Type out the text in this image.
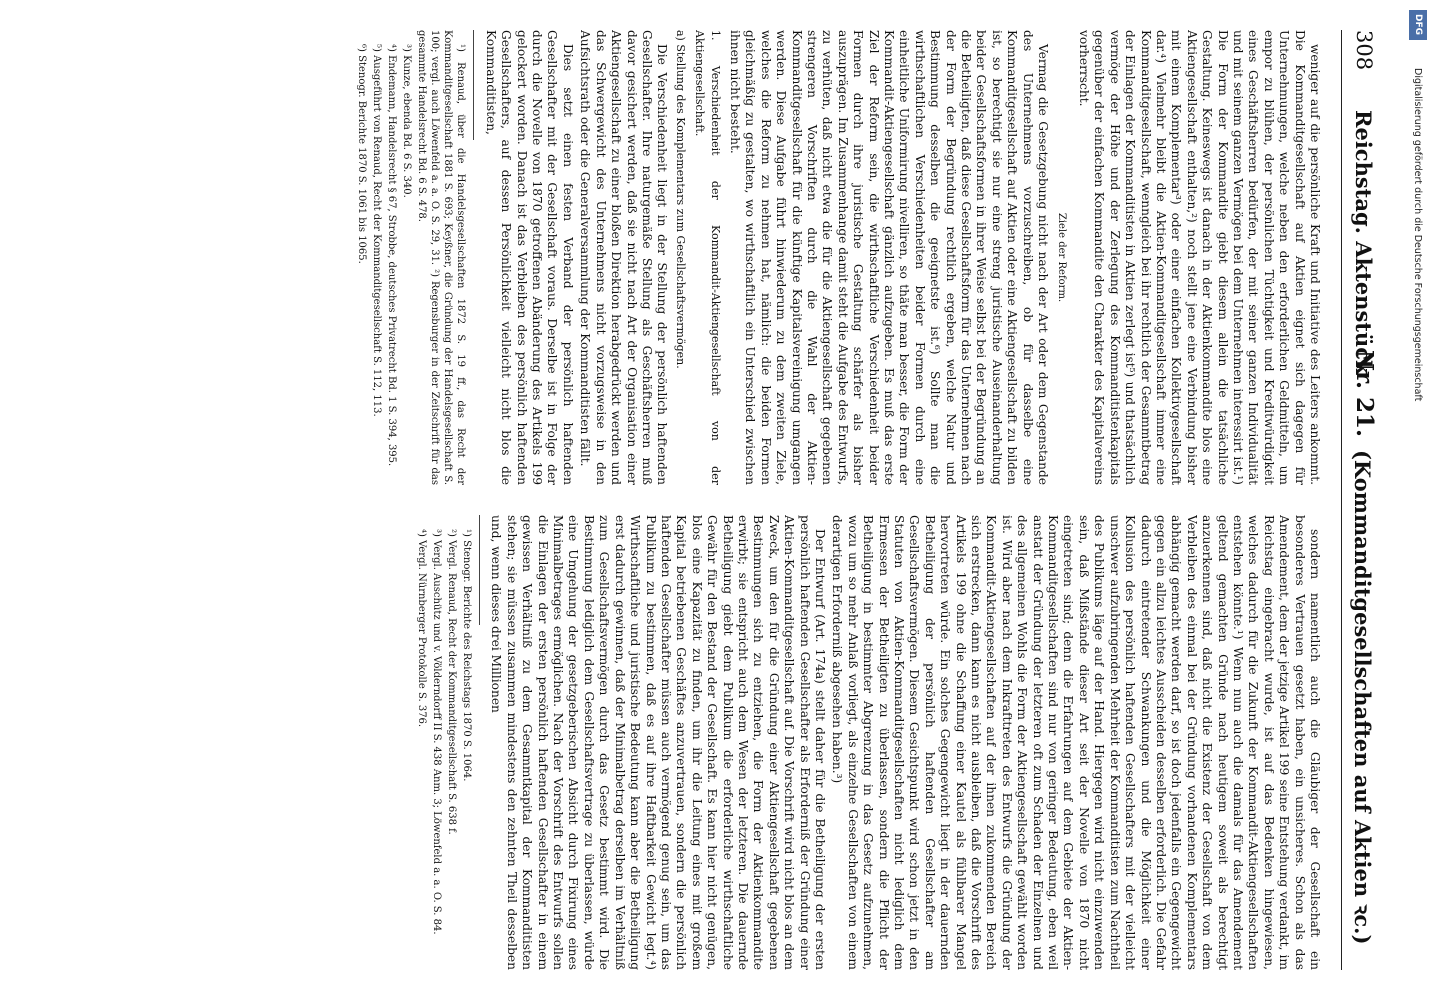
308
Reichstag. Aktenstück
Nr. 21.
(Kommanditgesellschaften auf Aktien ꝛc.)

weniger auf die persönliche Kraft und Initiative des Leiters ankommt. Die Kommanditgesellschaft auf Aktien eignet sich dagegen für Unternehmungen, welche neben den erforderlichen Geldmitteln, um empor zu blühen, der persönlichen Tüchtigkeit und Kreditwürdigkeit eines Geschäftsherren bedürfen, der mit seiner ganzen Individualität und mit seinem ganzen Vermögen bei dem Unternehmen interessirt ist.¹) Die Form der Kommandite giebt diesem allein die tatsächliche Gestaltung. Keineswegs ist danach in der Aktienkommandite blos eine Aktiengesellschaft enthalten,²) noch stellt jene eine Verbindung bisher mit einem Komplementar³) oder einer einfachen Kollektivgesellschaft dar.⁴) Vielmehr bleibt die Aktien-Kommanditgesellschaft immer eine Kommanditgesellschaft, wenngleich bei ihr rechtlich der Gesammtbetrag der Einlagen der Kommanditisten in Aktien zerlegt ist⁵) und thatsächlich vermöge der Höhe und der Zerlegung des Kommanditistenkapitals gegenüber der einfachen Kommandite den Charakter des Kapitalvereins vorherrscht.

Ziele der Reform.

Vermag die Gesetzgebung nicht nach der Art oder dem Gegenstande des Unternehmens vorzuschreiben, ob für dasselbe eine Kommanditgesellschaft auf Aktien oder eine Aktiengesellschaft zu bilden ist, so berechtigt sie nur eine streng juristische Auseinanderhaltung beider Gesellschaftsformen in ihrer Weise selbst bei der Begründung an die Betheiligten, daß diese Gesellschaftsform für das Unternehmen nach der Form der Begründung rechtlich ergeben, welche Natur und Bestimmung desselben die geeignetste ist.⁶) Sollte man die wirthschaftlichen Verschiedenheiten beider Formen durch eine einheitliche Uniformirung nivelliren, so thäte man besser, die Form der Kommandit-Aktiengesellschaft gänzlich aufzugeben. Es muß das erste Ziel der Reform sein, die wirthschaftliche Verschiedenheit beider Formen durch ihre juristische Gestaltung schärfer als bisher auszuprägen. Im Zusammenhange damit steht die Aufgabe des Entwurfs, zu verhüten, daß nicht etwa die für die Aktiengesellschaft gegebenen strengeren Vorschriften durch die Wahl der Aktien-Kommanditgesellschaft für die künftige Kapitalsvereinigung umgangen werden. Diese Aufgabe führt hinwiederum zu dem zweiten Ziele, welches die Reform zu nehmen hat, nämlich: die beiden Formen gleichmäßig zu gestalten, wo wirthschaftlich ein Unterschied zwischen ihnen nicht besteht.

1. Verschiedenheit der Kommandit-Aktiengesellschaft von der Aktiengesellschaft.

a) Stellung des Komplementars zum Gesellschaftsvermögen.

Die Verschiedenheit liegt in der Stellung der persönlich haftenden Gesellschafter. Ihre naturgemäße Stellung als Geschäftsherren muß davor gesichert werden, daß sie nicht nach Art der Organisation einer Aktiengesellschaft zu einer bloßen Direktion herabgedrückt werden und das Schwergewicht des Unternehmens nicht vorzugsweise in den Aufsichtsrath oder die Generalversammlung der Kommanditisten fällt.

Dies setzt einen festen Verband der persönlich haftenden Gesellschafter mit der Gesellschaft voraus. Derselbe ist in Folge der durch die Novelle von 1870 getroffenen Abänderung des Artikels 199 gelockert worden. Danach ist das Verbleiben des persönlich haftenden Gesellschafters, auf dessen Persönlichkeit vielleicht nicht blos die Kommanditisten,

¹) Renaud, über die Handelsgesellschaften 1872 S. 19 ff., das Recht der Kommanditgesellschaft 1881 S. 693; Keyßner, die Gründung der Handelsgesellschaft S. 100; vergl. auch Löwenfeld a. a. O. S. 29, 31. ²) Regensburger in der Zeitschrift für das gesammte Handelsrecht Bd. 6 S. 478.

³) Kunze, ebenda Bd. 6 S. 340.

⁴) Endemann, Handelsrecht § 67, Strobbe, deutsches Privatrecht Bd. 1 S. 394, 395.

⁵) Ausgeführt von Renaud, Recht der Kommanditgesellschaft S. 112, 113.

⁶) Stenogr. Berichte 1870 S. 1061 bis 1065.

sondern namentlich auch die Gläubiger der Gesellschaft ein besonderes Vertrauen gesetzt haben, ein unsicheres. Schon als das Amendement, dem der jetzige Artikel 199 seine Entstehung verdankt, im Reichstag eingebracht wurde, ist auf das Bedenken hingewiesen, welches dadurch für die Zukunft der Kommandit-Aktiengesellschaften entstehen könnte.¹) Wenn nun auch die damals für das Amendement geltend gemachten Gründe nach heutigem soweit als berechtigt anzuerkennen sind, daß nicht die Existenz der Gesellschaft von dem Verbleiben des einmal bei der Gründung vorhandenen Komplementars abhängig gemacht werden darf, so ist doch jedenfalls ein Gegengewicht gegen ein allzu leichtes Ausscheiden desselben erforderlich. Die Gefahr dadurch eintretender Schwankungen und die Möglichkeit einer Kollusion des persönlich haftenden Gesellschafters mit der vielleicht unschwer aufzubringenden Mehrheit der Kommanditisten zum Nachtheil des Publikums läge auf der Hand. Hiergegen wird nicht einzuwenden sein, daß Mißstände dieser Art seit der Novelle von 1870 nicht eingetreten sind; denn die Erfahrungen auf dem Gebiete der Aktien-Kommanditgesellschaften sind nur von geringer Bedeutung, eben weil anstatt der Gründung der letzteren oft zum Schaden der Einzelnen und des allgemeinen Wohls die Form der Aktiengesellschaft gewählt worden ist. Wird aber nach dem Inkrafttreten des Entwurfs die Gründung der Kommandit-Aktiengesellschaften auf der ihnen zukommenden Bereich sich erstrecken, dann kann es nicht ausbleiben, daß die Vorschrift des Artikels 199 ohne die Schaffung einer Kautel als fühlbarer Mangel hervortreten würde. Ein solches Gegengewicht liegt in der dauernden Betheiligung der persönlich haftenden Gesellschafter am Gesellschaftsvermögen. Diesem Gesichtspunkt wird schon jetzt in den Statuten von Aktien-Kommanditgesellschaften nicht lediglich dem Ermessen der Betheiligten zu überlassen, sondern die Pflicht der Betheiligung in bestimmter Abgrenzung in das Gesetz aufzunehmen, wozu um so mehr Anlaß vorliegt, als einzelne Gesellschaften von einem derartigen Erforderniß abgesehen haben.³)

Der Entwurf (Art. 174a) stellt daher für die Betheiligung der ersten persönlich haftenden Gesellschafter als Erforderniß der Gründung einer Aktien-Kommanditgesellschaft auf. Die Vorschrift wird nicht blos an dem Zweck, um den für die Gründung einer Aktiengesellschaft gegebenen Bestimmungen sich zu entziehen, die Form der Aktienkommandite erwirbt; sie entspricht auch dem Wesen der letzteren. Die dauernde Betheiligung giebt dem Publikum die erforderliche wirthschaftliche Gewähr für den Bestand der Gesellschaft. Es kann hier nicht genügen, blos eine Kapazität zu finden, um ihr die Leitung eines mit großem Kapital betriebenen Geschäftes anzuvertrauen, sondern die persönlich haftenden Gesellschafter müssen auch vermögend genug sein, um das Publikum zu bestimmen, daß es auf ihre Haftbarkeit Gewicht legt.⁴) Wirthschaftliche und juristische Bedeutung kann aber die Betheiligung erst dadurch gewinnen, daß der Minimalbetrag derselben im Verhältniß zum Gesellschaftsvermögen durch das Gesetz bestimmt wird. Die Bestimmung lediglich dem Gesellschaftsvertrage zu überlassen, würde eine Umgehung der gesetzgeberischen Absicht durch Fixirung eines Minimalbetrages ermöglichen. Nach der Vorschrift des Entwurfs sollen die Einlagen der ersten persönlich haftenden Gesellschafter in einem gewissen Verhältniß zu dem Gesammtkapital der Kommanditisten stehen; sie müssen zusammen mindestens den zehnten Theil desselben und, wenn dieses drei Millionen

¹) Stenogr. Berichte des Reichstags 1870 S. 1064.

²) Vergl. Renaud, Recht der Kommanditgesellschaft S. 638 f.

³) Vergl. Auschütz und v. Völderndorff II S. 438 Anm. 3; Löwenfeld a. a. O. S. 84.

⁴) Vergl. Nürnberger Protokolle S. 376.

DFG
Digitalisierung gefördert durch die Deutsche Forschungsgemeinschaft
